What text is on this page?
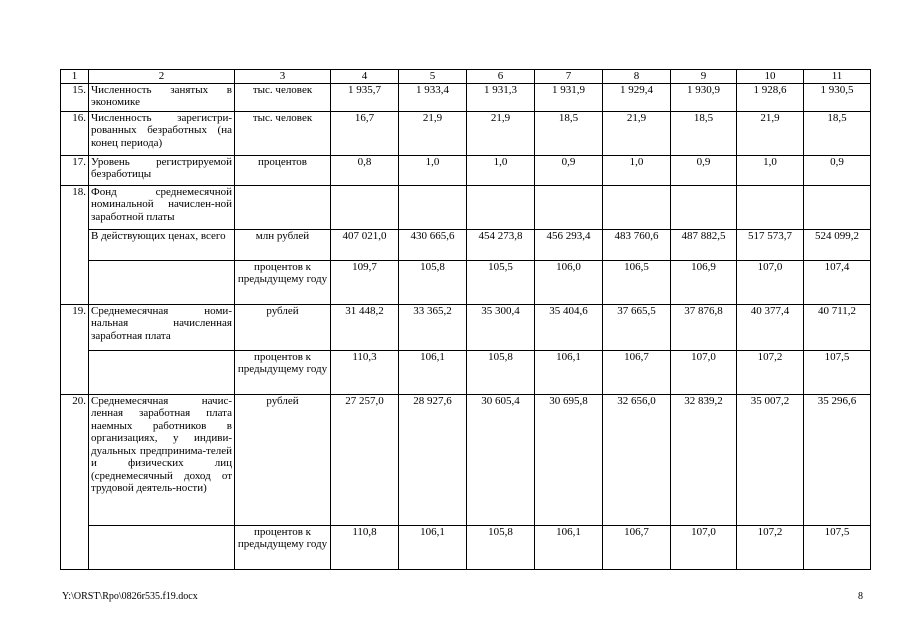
1	2	3	4	5	6	7	8	9	10	11
15.	Численность занятых в экономике	тыс. человек	1 935,7	1 933,4	1 931,3	1 931,9	1 929,4	1 930,9	1 928,6	1 930,5
16.	Численность зарегистри-рованных безработных (на конец периода)	тыс. человек	16,7	21,9	21,9	18,5	21,9	18,5	21,9	18,5
17.	Уровень регистрируемой безработицы	процентов	0,8	1,0	1,0	0,9	1,0	0,9	1,0	0,9
18.	Фонд среднемесячной номинальной начислен-ной заработной платы									
	В действующих ценах, всего	млн рублей	407 021,0	430 665,6	454 273,8	456 293,4	483 760,6	487 882,5	517 573,7	524 099,2
		процентов к предыдущему году	109,7	105,8	105,5	106,0	106,5	106,9	107,0	107,4
19.	Среднемесячная номи-нальная начисленная заработная плата	рублей	31 448,2	33 365,2	35 300,4	35 404,6	37 665,5	37 876,8	40 377,4	40 711,2
		процентов к предыдущему году	110,3	106,1	105,8	106,1	106,7	107,0	107,2	107,5
20.	Среднемесячная начис-ленная заработная плата наемных работников в организациях, у индиви-дуальных предпринима-телей и физических лиц (среднемесячный доход от трудовой деятель-ности)	рублей	27 257,0	28 927,6	30 605,4	30 695,8	32 656,0	32 839,2	35 007,2	35 296,6
		процентов к предыдущему году	110,8	106,1	105,8	106,1	106,7	107,0	107,2	107,5
Y:\ORST\Rpo\0826r535.f19.docx	8
